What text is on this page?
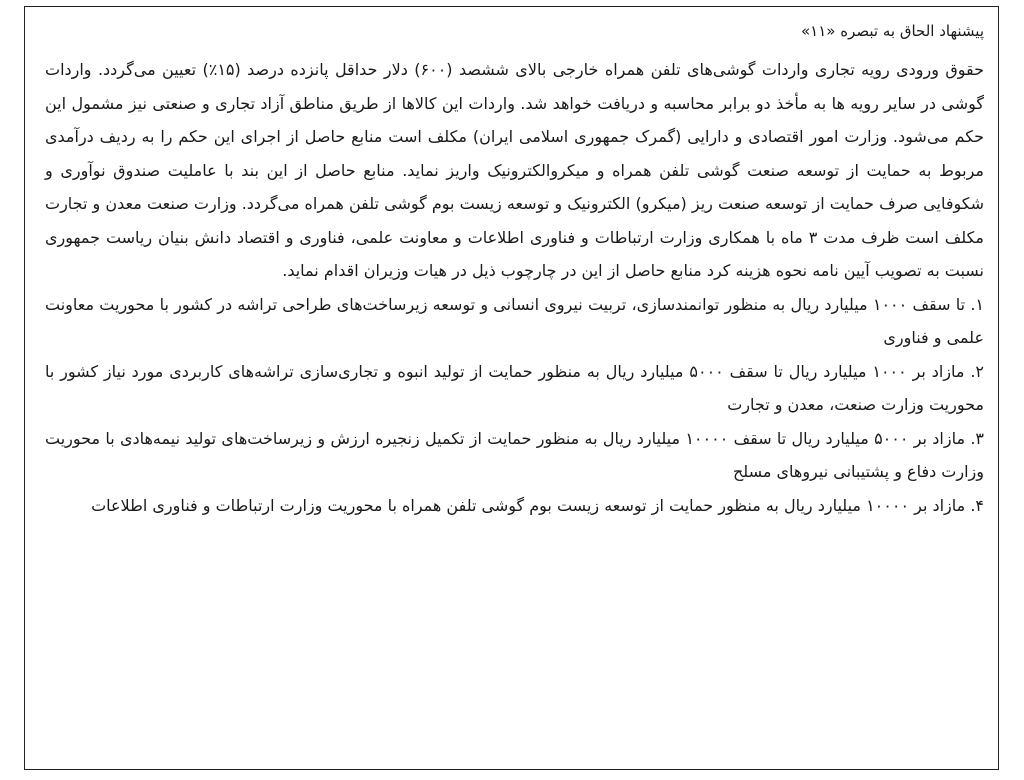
پیشنهاد الحاق به تبصره «۱۱»

حقوق ورودی رویه تجاری واردات گوشی‌های تلفن همراه خارجی بالای ششصد (۶۰۰) دلار حداقل پانزده درصد (۱۵٪) تعیین می‌گردد. واردات گوشی در سایر رویه ها به مأخذ دو برابر محاسبه و دریافت خواهد شد. واردات این کالاها از طریق مناطق آزاد تجاری و صنعتی نیز مشمول این حکم می‌شود. وزارت امور اقتصادی و دارایی (گمرک جمهوری اسلامی ایران) مکلف است منابع حاصل از اجرای این حکم را به ردیف درآمدی مربوط به حمایت از توسعه صنعت گوشی تلفن همراه و میکروالکترونیک واریز نماید. منابع حاصل از این بند با عاملیت صندوق نوآوری و شکوفایی صرف حمایت از توسعه صنعت ریز (میکرو) الکترونیک و توسعه زیست بوم گوشی تلفن همراه می‌گردد. وزارت صنعت معدن و تجارت مکلف است ظرف مدت ۳ ماه با همکاری وزارت ارتباطات و فناوری اطلاعات و معاونت علمی، فناوری و اقتصاد دانش بنیان ریاست جمهوری نسبت به تصویب آیین نامه نحوه هزینه کرد منابع حاصل از این در چارچوب ذیل در هیات وزیران اقدام نماید.

۱. تا سقف ۱۰۰۰ میلیارد ریال به منظور توانمندسازی، تربیت نیروی انسانی و توسعه زیرساخت‌های طراحی تراشه در کشور با محوریت معاونت علمی و فناوری

۲. مازاد بر ۱۰۰۰ میلیارد ریال تا سقف ۵۰۰۰ میلیارد ریال به منظور حمایت از تولید انبوه و تجاری‌سازی تراشه‌های کاربردی مورد نیاز کشور با محوریت وزارت صنعت، معدن و تجارت

۳. مازاد بر ۵۰۰۰ میلیارد ریال تا سقف ۱۰۰۰۰ میلیارد ریال به منظور حمایت از تکمیل زنجیره ارزش و زیرساخت‌های تولید نیمه‌هادی با محوریت وزارت دفاع و پشتیبانی نیروهای مسلح

۴. مازاد بر ۱۰۰۰۰ میلیارد ریال به منظور حمایت از توسعه زیست بوم گوشی تلفن همراه با محوریت وزارت ارتباطات و فناوری اطلاعات
